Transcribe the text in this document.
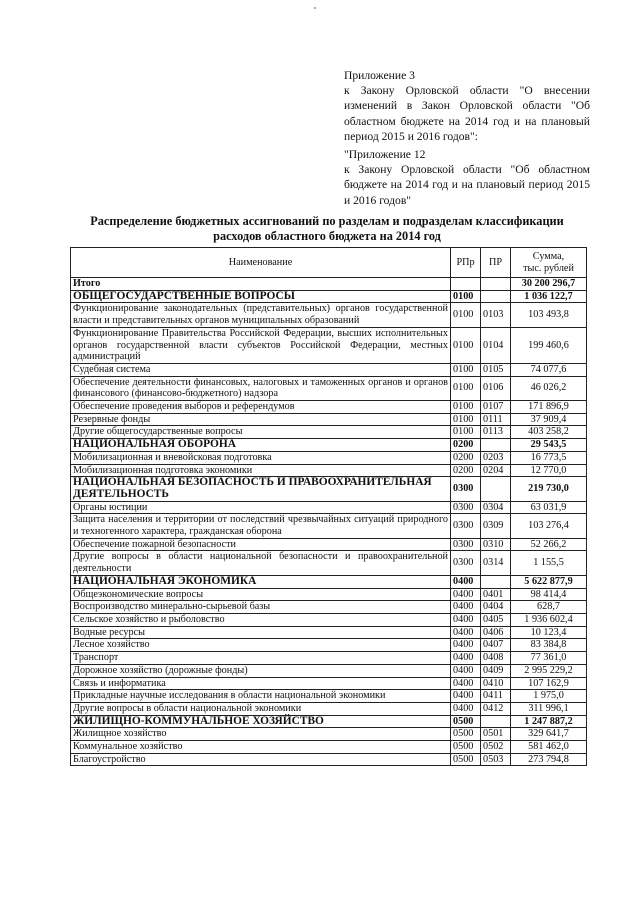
Приложение 3

к Закону Орловской области "О внесении изменений в Закон Орловской области "Об областном бюджете на 2014 год и на плановый период 2015 и 2016 годов":

"Приложение 12

к Закону Орловской области "Об областном бюджете на 2014 год и на плановый период 2015 и 2016 годов"

Распределение бюджетных ассигнований по разделам и подразделам классификации
расходов областного бюджета на 2014 год
Наименование	РПр	ПР	Сумма,
тыс. рублей

Итого			30 200 296,7
ОБЩЕГОСУДАРСТВЕННЫЕ ВОПРОСЫ	0100		1 036 122,7
Функционирование законодательных (представительных) органов государственной власти и представительных органов муниципальных образований	0100	0103	103 493,8
Функционирование Правительства Российской Федерации, высших исполнительных органов государственной власти субъектов Российской Федерации, местных администраций	0100	0104	199 460,6
Судебная система	0100	0105	74 077,6
Обеспечение деятельности финансовых, налоговых и таможенных органов и органов финансового (финансово-бюджетного) надзора	0100	0106	46 026,2
Обеспечение проведения выборов и референдумов	0100	0107	171 896,9
Резервные фонды	0100	0111	37 909,4
Другие общегосударственные вопросы	0100	0113	403 258,2
НАЦИОНАЛЬНАЯ ОБОРОНА	0200		29 543,5
Мобилизационная и вневойсковая подготовка	0200	0203	16 773,5
Мобилизационная подготовка экономики	0200	0204	12 770,0
НАЦИОНАЛЬНАЯ БЕЗОПАСНОСТЬ И ПРАВООХРАНИТЕЛЬНАЯ ДЕЯТЕЛЬНОСТЬ	0300		219 730,0
Органы юстиции	0300	0304	63 031,9
Защита населения и территории от последствий чрезвычайных ситуаций природного и техногенного характера, гражданская оборона	0300	0309	103 276,4
Обеспечение пожарной безопасности	0300	0310	52 266,2
Другие вопросы в области национальной безопасности и правоохранительной деятельности	0300	0314	1 155,5
НАЦИОНАЛЬНАЯ ЭКОНОМИКА	0400		5 622 877,9
Общеэкономические вопросы	0400	0401	98 414,4
Воспроизводство минерально-сырьевой базы	0400	0404	628,7
Сельское хозяйство и рыболовство	0400	0405	1 936 602,4
Водные ресурсы	0400	0406	10 123,4
Лесное хозяйство	0400	0407	83 384,8
Транспорт	0400	0408	77 361,0
Дорожное хозяйство (дорожные фонды)	0400	0409	2 995 229,2
Связь и информатика	0400	0410	107 162,9
Прикладные научные исследования в области национальной экономики	0400	0411	1 975,0
Другие вопросы в области национальной экономики	0400	0412	311 996,1
ЖИЛИЩНО-КОММУНАЛЬНОЕ ХОЗЯЙСТВО	0500		1 247 887,2
Жилищное хозяйство	0500	0501	329 641,7
Коммунальное хозяйство	0500	0502	581 462,0
Благоустройство	0500	0503	273 794,8
